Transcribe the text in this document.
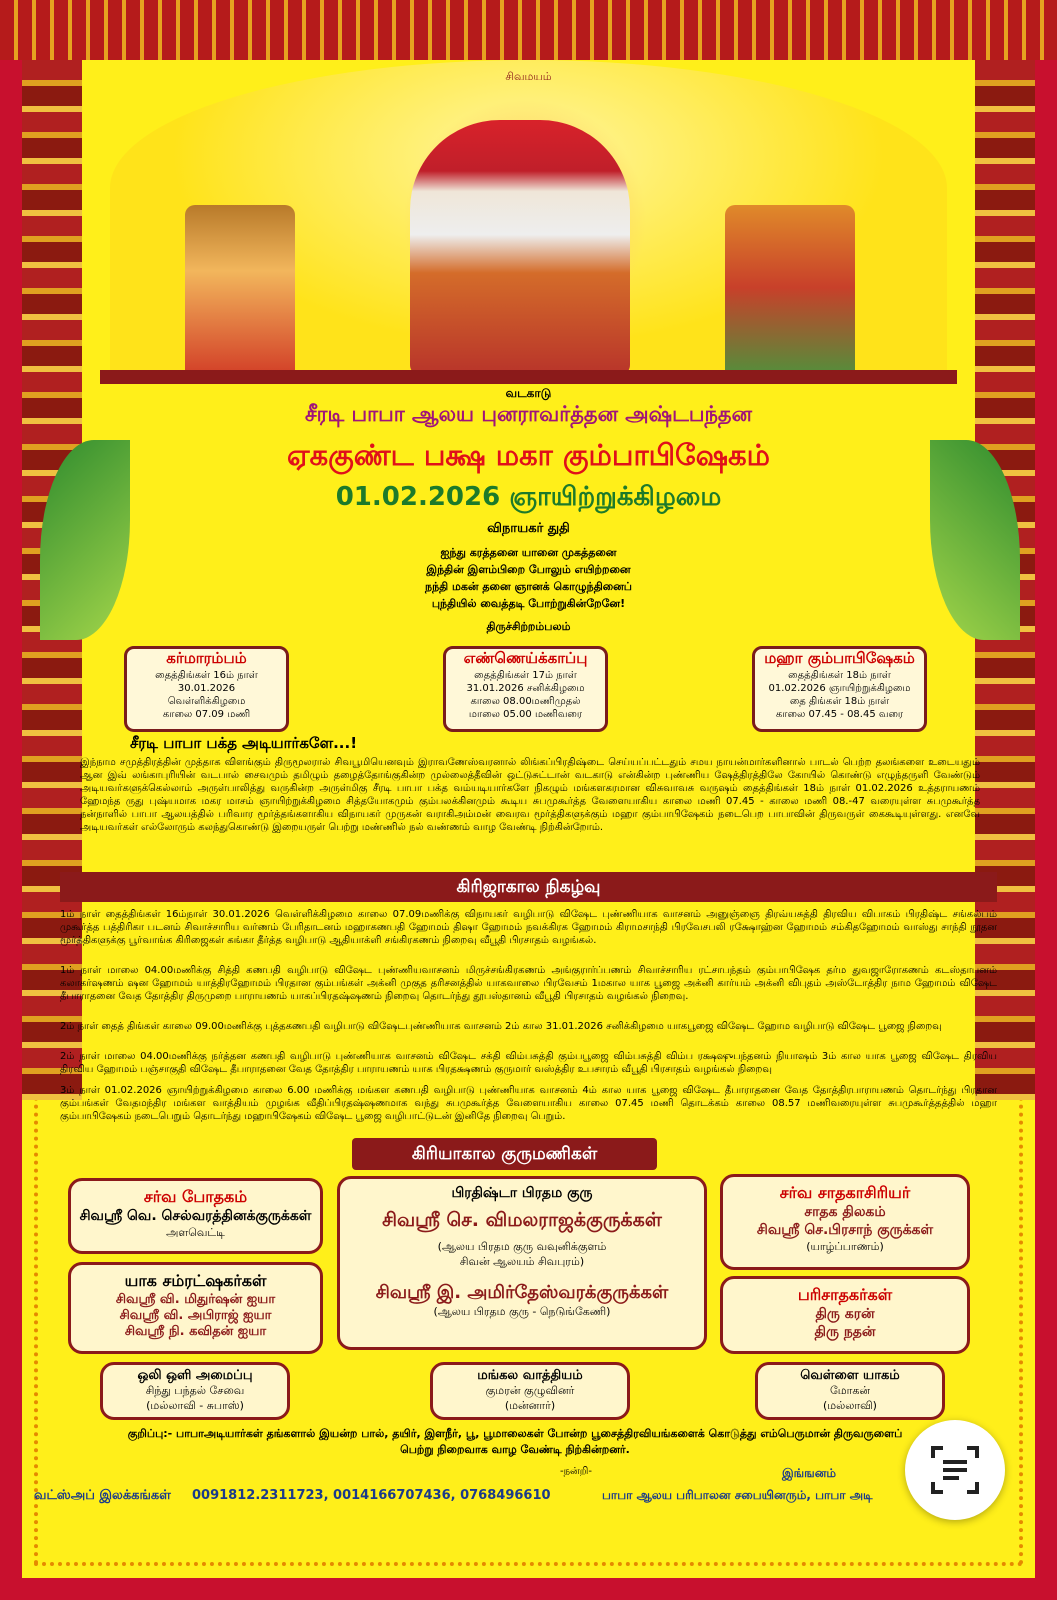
சிவமயம்
வடகாடு
சீரடி பாபா ஆலய புனராவர்த்தன அஷ்டபந்தன
ஏககுண்ட பக்ஷ மகா கும்பாபிஷேகம்
01.02.2026 ஞாயிற்றுக்கிழமை
விநாயகர் துதி
ஐந்து கரத்தனை யானை முகத்தனை
இந்தின் இளம்பிறை போலும் எயிற்றனை
நந்தி மகன் தனை ஞானக் கொழுந்தினைப்
புந்தியில் வைத்தடி போற்றுகின்றேனே!
திருச்சிற்றம்பலம்
கர்மாரம்பம்
தைத்திங்கள் 16ம் நாள்
30.01.2026
வெள்ளிக்கிழமை
காலை 07.09 மணி
எண்ணெய்க்காப்பு
தைத்திங்கள் 17ம் நாள்
31.01.2026 சனிக்கிழமை
காலை 08.00மணிமுதல்
மாலை 05.00 மணிவரை
மஹா கும்பாபிஷேகம்
தைத்திங்கள் 18ம் நாள்
01.02.2026 ஞாயிற்றுக்கிழமை
தை திங்கள் 18ம் நாள்
காலை 07.45 - 08.45 வரை
சீரடி பாபா பக்த அடியார்களே...!
இந்நாம சமுத்திரத்தின் முத்தாக விளங்கும் திருமூலரால் சிவபூமியெனவும் இராவணேஸ்வரனால் லிங்கப்பிரதிஷ்டை செய்யப்பட்டதும் சமய நாயன்மார்களினால் பாடல் பெற்ற தலங்களை உடையதும் ஆன இவ் லங்காபுரியின் வடபால் சைவமும் தமிழும் தழைத்தோங்குகின்ற முல்லைத்தீவின் ஒட்டுசுட்டான் வடகாடு என்கின்ற புண்ணிய ஷேத்திரத்திலே கோயில் கொண்டு எழுந்தருளி வேண்டும் அடியவர்களுக்கெல்லாம் அருள்பாலித்து வருகின்ற அருள்மிகு சீரடி பாபா பக்த வம்யடியார்களே நிகழும் மங்களகரமான விசுவாவசு வருஷம் தைத்திங்கள் 18ம் நாள் 01.02.2026 உத்தராயணம் ஹேமந்த ருது புஷ்யமாக மகர மாசம் ஞாயிற்றுக்கிழமை சித்தயோகமும் கும்பலக்கினமும் கூடிய சுபமுகூர்த்த வேளையாகிய காலை மணி 07.45 - காலை மணி 08.-47 வரையுள்ள சுபமுகூர்த்த நன்நாளில் பாபா ஆலயத்தில் பரிவார மூர்த்தங்களாகிய விநாயகர் முருகன் வராகிஅம்மன் வைரவ மூர்த்திகளுக்கும் மஹா கும்பாபிஷேகம் நடைபெற பாபாவின் திருவருள் கைகூடியுள்ளது. எனவே அடியவர்கள் எல்லோரும் கலந்துகொண்டு இறையருள் பெற்று மண்ணில் நல் வண்ணம் வாழ வேண்டி நிற்கின்றோம்.
கிரிஜாகால நிகழ்வு
1ம் நாள் தைத்திங்கள் 16ம்நாள் 30.01.2026 வெள்ளிக்கிழமை காலை 07.09மணிக்கு விநாயகர் வழிபாடு விஷேட புண்ணியாக வாசனம் அனுஞ்ஞை திரவ்யசுத்தி திரவிய விபாகம் பிரதிஷ்ட சங்கல்பம் முகூர்த்த பத்திரிகா படனம் சிவாச்சாரிய வர்ணம் பேரிதாடனம் மஹாகணபதி ஹோமம் திஷா ஹோமம் நவக்கிரக ஹோமம் கிராமசாந்தி பிரவேசபலி ரக்ஷோஹ்ன ஹோமம் சம்கிதஹோமம் வாஸ்து சாந்தி நூதன மூர்த்திகளுக்கு பூர்வாங்க கிரிஜைகள் கங்கா தீர்த்த வழிபாடு ஆதியாக்ளி சங்கிரகணம் நிறைவு வீபூதி பிரசாதம் வழங்கல்.
1ம் நாள் மாலை 04.00மணிக்கு சித்தி கணபதி வழிபாடு விஷேட புண்ணியவாசனம் மிருச்சங்கிரகணம் அங்குரார்ப்பணம் சிவாச்சாரிய ரட்சாபந்தம் கும்பாபிஷேக தர்ம துவஜாரோகணம் கடஸ்தாபனம் கலாகர்ஷணம் ஷன ஹோமம் யாத்திரஹோமம் பிரதான கும்பங்கள் அக்னி முகுத தரிசனத்தில் யாகவாலை பிரவேசம் 1மகால யாக பூஜை அக்னி கார்யம் அக்னி விபுதம் அஸ்டோத்திர நாம ஹோமம் விஷேட தீபாராதனை வேத தோத்திர திருமுறை பாராயணம் யாகப்பிரதஷ்ஷணம் நிறைவு தொடர்ந்து தூபஸ்தானம் வீபூதி பிரசாதம் வழங்கல் நிறைவு.
2ம் நாள் தைத் திங்கள் காலை 09.00மணிக்கு புத்தகணபதி வழிபாடு விஷேடபுண்ணியாக வாசனம் 2ம் கால 31.01.2026 சனிக்கிழமை யாகபூஜை விஷேட ஹோம வழிபாடு விஷேட பூஜை நிறைவு
2ம் நாள் மாலை 04.00மணிக்கு நர்த்தன கணபதி வழிபாடு புண்ணியாக வாசனம் விஷேட சக்தி விம்பசுத்தி கும்பபூஜை விம்பசுத்தி விம்ப ரக்ஷஷுபந்தனம் நியாஷம் 3ம் கால யாக பூஜை விஷேட திரவிய திரவிய ஹோமம் பஞ்சாகுதி விஷேட தீபாராதனை வேத தோத்திர பாராயணம் யாக பிரதக்ஷணம் குருமார் வஸ்த்திர உபசாரம் வீபூதி பிரசாதம் வழங்கல் நிறைவு
3ம் நாள் 01.02.2026 ஞாயிற்றுக்கிழமை காலை 6.00 மணிக்கு மங்கள கணபதி வழிபாடு புண்ணியாக வாசனம் 4ம் கால யாக பூஜை விஷேட தீபாராதனை வேத தோத்திரபாராயணம் தொடர்ந்து பிரதான கும்பங்கள் வேதமந்திர மங்கள வாத்தியம் முழங்க வீதிப்பிரதஷ்ஷணமாக வந்து சுபமுகூர்த்த வேளையாகிய காலை 07.45 மணி தொடக்கம் காலை 08.57 மணிவரையுள்ள சுபமுகூர்த்தத்தில் மஹா கும்பாபிஷேகம் நடைபெறும் தொடர்ந்து மஹாபிஷேகம் விஷேட பூஜை வழிபாட்டுடன் இனிதே நிறைவு பெறும்.
கிரியாகால குருமணிகள்
சர்வ போதகம்
சிவஸ்ரீ வெ. செல்வரத்தினக்குருக்கள்
அளவெட்டி
பிரதிஷ்டா பிரதம குரு
சிவஸ்ரீ செ. விமலராஜக்குருக்கள்
(ஆலய பிரதம குரு வவுனிக்குளம்
சிவன் ஆலயம் சிவபுரம்)
சிவஸ்ரீ இ. அமிர்தேஸ்வரக்குருக்கள்
(ஆலய பிரதம குரு - நெடுங்கேணி)
சர்வ சாதகாசிரியர்
சாதக திலகம்
சிவஸ்ரீ செ.பிரசாந் குருக்கள்
(யாழ்ப்பாணம்)
யாக சம்ரட்ஷகர்கள்
சிவஸ்ரீ வி. மிதுர்ஷன் ஐயா
சிவஸ்ரீ வி. அபிராஜ் ஐயா
சிவஸ்ரீ நி. கவிதன் ஐயா
பரிசாதகர்கள்
திரு கரன்
திரு நதன்
ஒலி ஒளி அமைப்பு
சிந்து பந்தல் சேவை
(மல்லாவி - சுபாஸ்)
மங்கல வாத்தியம்
குமரன் குழுவினர்
(மன்னார்)
வெள்ளை யாகம்
மோகன்
(மல்லாவி)
குறிப்பு:- பாபாஅடியார்கள் தங்களால் இயன்ற பால், தயிர், இளநீர், பூ, பூமாலைகள் போன்ற பூசைத்திரவியங்களைக் கொடுத்து எம்பெருமான் திருவருளைப் பெற்று நிறைவாக வாழ வேண்டி நிற்கின்றனர்.
-நன்றி-	இங்ஙனம்
வட்ஸ்அப் இலக்கங்கள் 0091812.2311723, 0014166707436, 0768496610	பாபா ஆலய பரிபாலன சபையினரும், பாபா அடி
